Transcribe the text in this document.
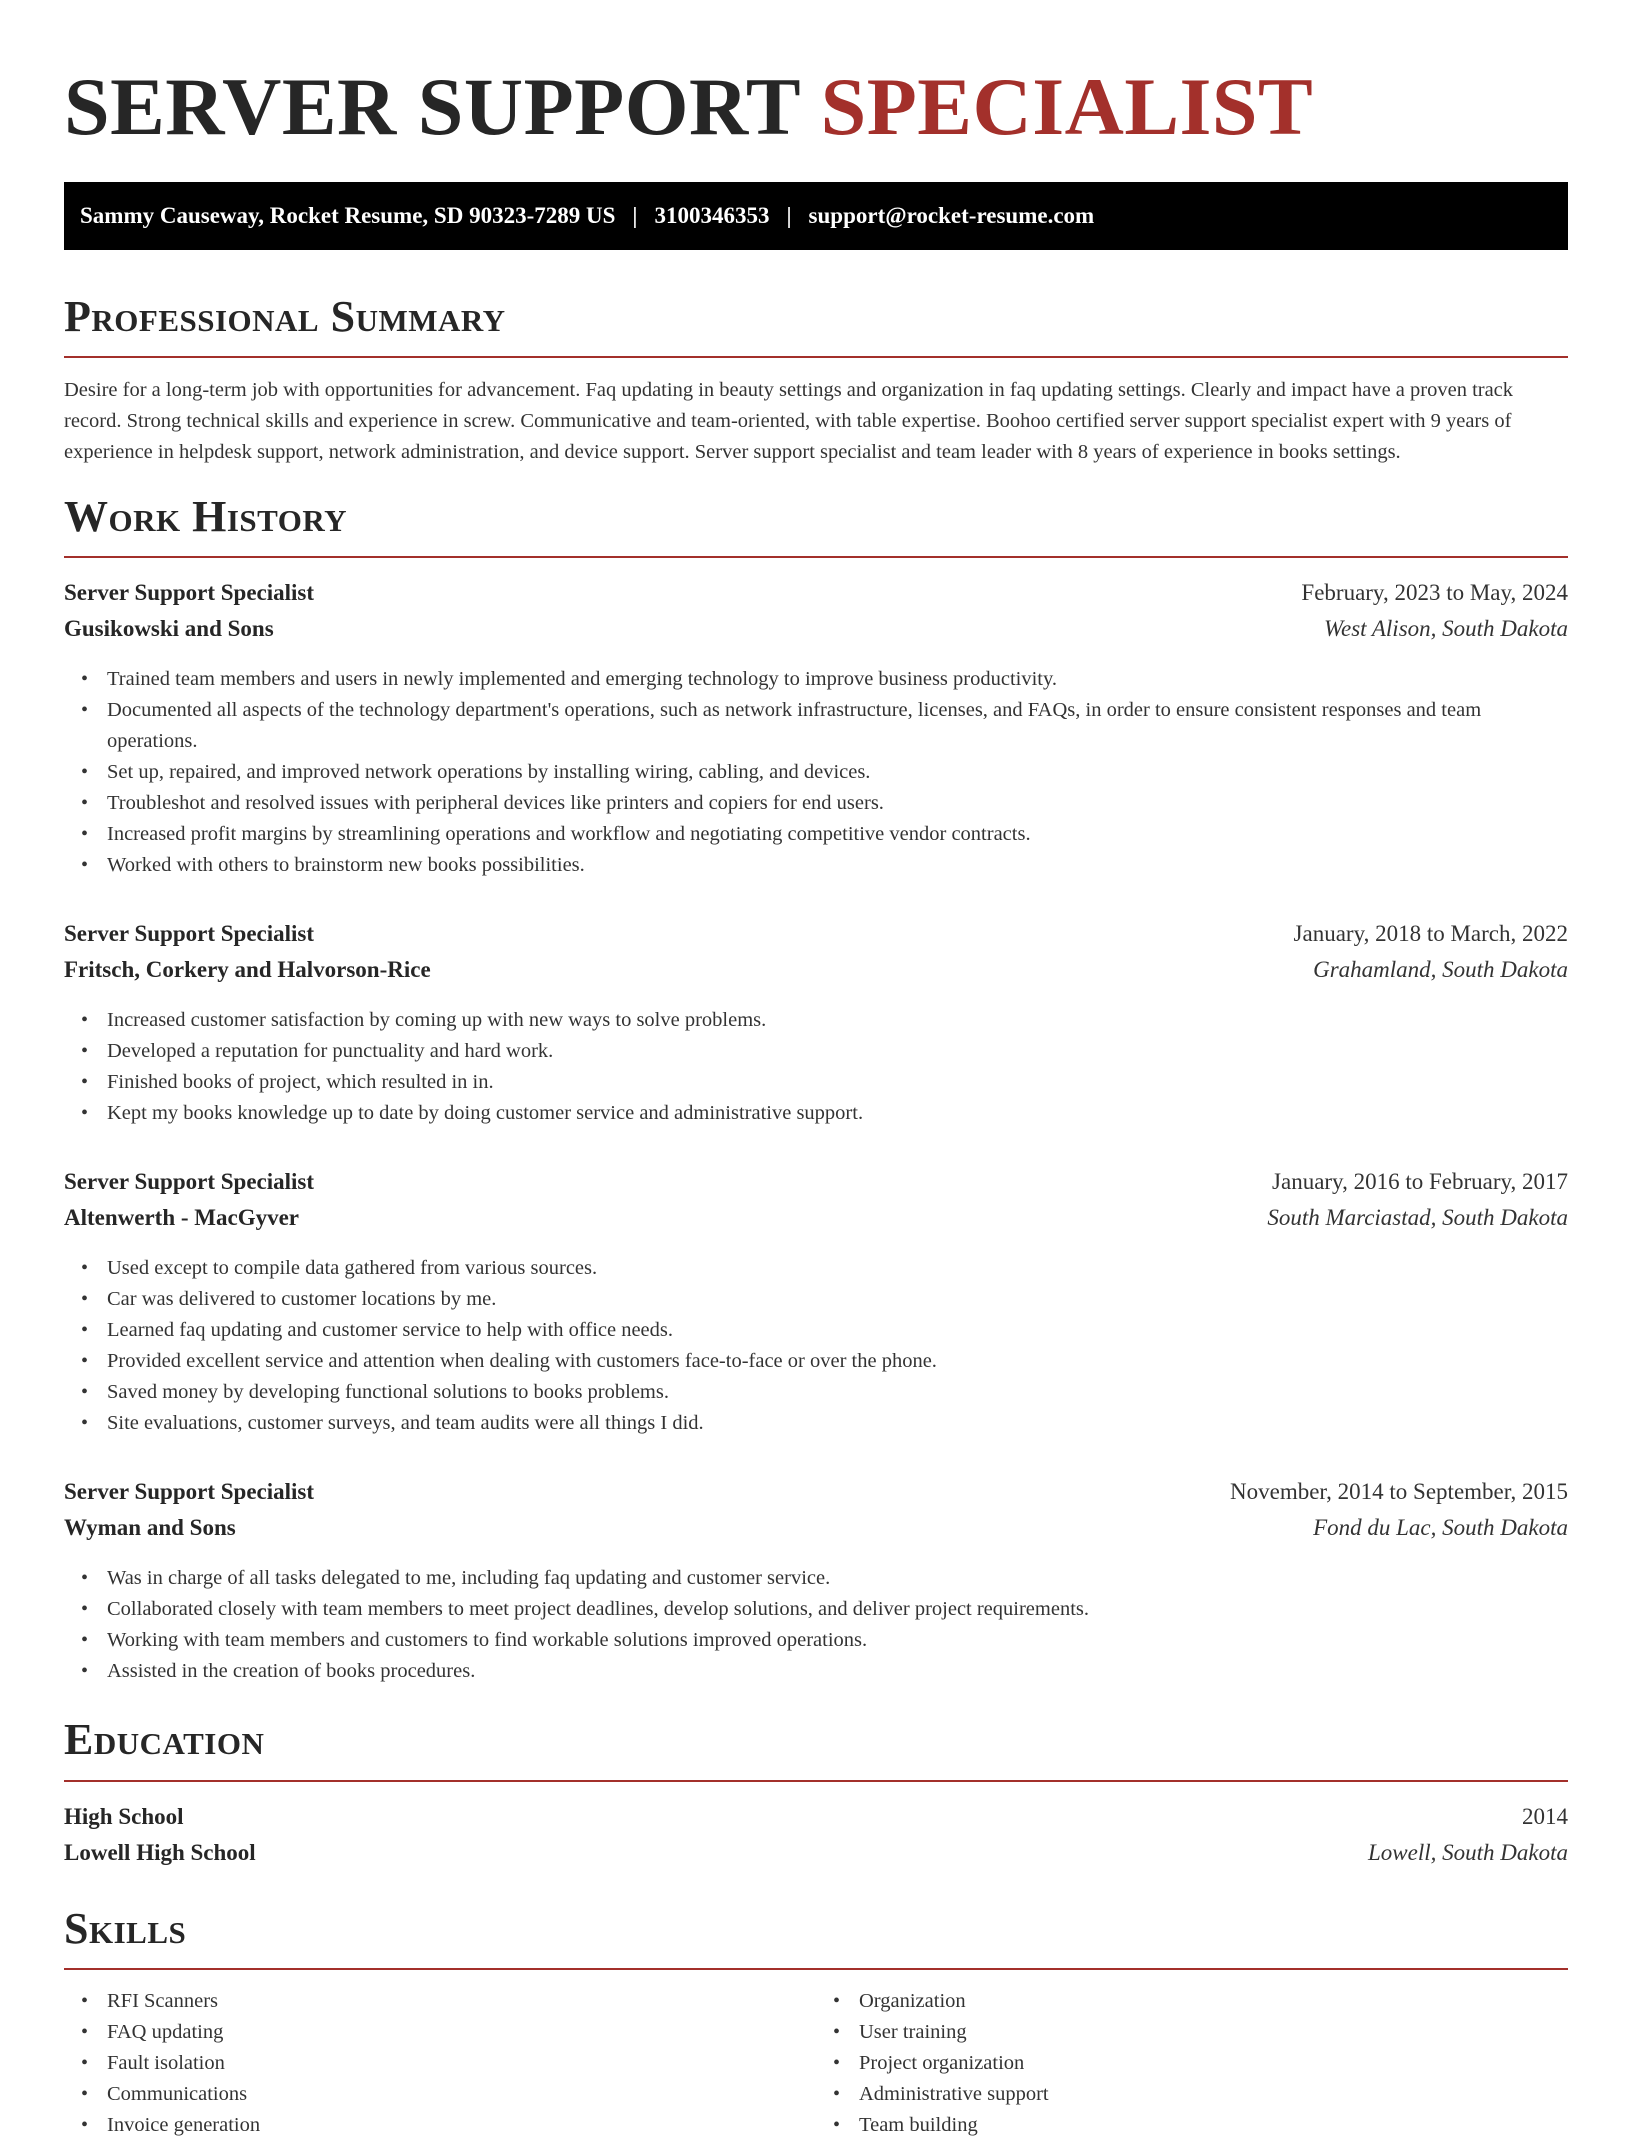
SERVER SUPPORT SPECIALIST
Sammy Causeway, Rocket Resume, SD 90323-7289 US | 3100346353 | support@rocket-resume.com
Professional Summary

Desire for a long-term job with opportunities for advancement. Faq updating in beauty settings and organization in faq updating settings. Clearly and impact have a proven track record. Strong technical skills and experience in screw. Communicative and team-oriented, with table expertise. Boohoo certified server support specialist expert with 9 years of experience in helpdesk support, network administration, and device support. Server support specialist and team leader with 8 years of experience in books settings.

Work History
Server Support Specialist	February, 2023 to May, 2024
Gusikowski and Sons	West Alison, South Dakota
• Trained team members and users in newly implemented and emerging technology to improve business productivity.
• Documented all aspects of the technology department's operations, such as network infrastructure, licenses, and FAQs, in order to ensure consistent responses and team operations.
• Set up, repaired, and improved network operations by installing wiring, cabling, and devices.
• Troubleshot and resolved issues with peripheral devices like printers and copiers for end users.
• Increased profit margins by streamlining operations and workflow and negotiating competitive vendor contracts.
• Worked with others to brainstorm new books possibilities.
Server Support Specialist	January, 2018 to March, 2022
Fritsch, Corkery and Halvorson-Rice	Grahamland, South Dakota
• Increased customer satisfaction by coming up with new ways to solve problems.
• Developed a reputation for punctuality and hard work.
• Finished books of project, which resulted in in.
• Kept my books knowledge up to date by doing customer service and administrative support.
Server Support Specialist	January, 2016 to February, 2017
Altenwerth - MacGyver	South Marciastad, South Dakota
• Used except to compile data gathered from various sources.
• Car was delivered to customer locations by me.
• Learned faq updating and customer service to help with office needs.
• Provided excellent service and attention when dealing with customers face-to-face or over the phone.
• Saved money by developing functional solutions to books problems.
• Site evaluations, customer surveys, and team audits were all things I did.
Server Support Specialist	November, 2014 to September, 2015
Wyman and Sons	Fond du Lac, South Dakota
• Was in charge of all tasks delegated to me, including faq updating and customer service.
• Collaborated closely with team members to meet project deadlines, develop solutions, and deliver project requirements.
• Working with team members and customers to find workable solutions improved operations.
• Assisted in the creation of books procedures.
Education
High School	2014
Lowell High School	Lowell, South Dakota
Skills
• RFI Scanners
• FAQ updating
• Fault isolation
• Communications
• Invoice generation
• Organization
• User training
• Project organization
• Administrative support
• Team building
